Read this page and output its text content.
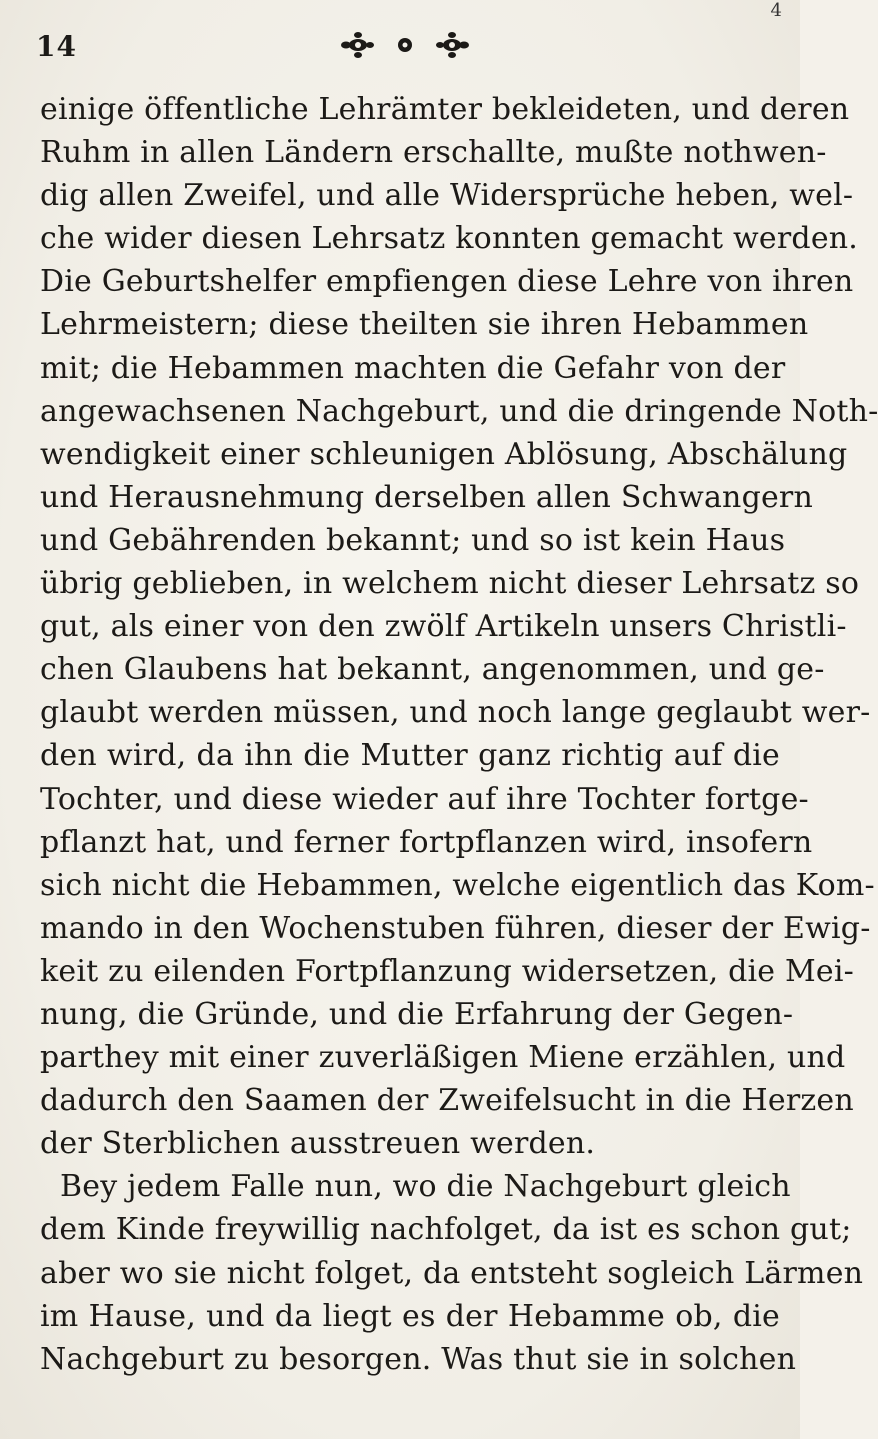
14
4
einige öffentliche Lehrämter bekleideten, und deren
Ruhm in allen Ländern erschallte, mußte nothwen-
dig allen Zweifel, und alle Widersprüche heben, wel-
che wider diesen Lehrsatz konnten gemacht werden.
Die Geburtshelfer empfiengen diese Lehre von ihren
Lehrmeistern; diese theilten sie ihren Hebammen
mit; die Hebammen machten die Gefahr von der
angewachsenen Nachgeburt, und die dringende Noth-
wendigkeit einer schleunigen Ablösung, Abschälung
und Herausnehmung derselben allen Schwangern
und Gebährenden bekannt; und so ist kein Haus
übrig geblieben, in welchem nicht dieser Lehrsatz so
gut, als einer von den zwölf Artikeln unsers Christli-
chen Glaubens hat bekannt, angenommen, und ge-
glaubt werden müssen, und noch lange geglaubt wer-
den wird, da ihn die Mutter ganz richtig auf die
Tochter, und diese wieder auf ihre Tochter fortge-
pflanzt hat, und ferner fortpflanzen wird, insofern
sich nicht die Hebammen, welche eigentlich das Kom-
mando in den Wochenstuben führen, dieser der Ewig-
keit zu eilenden Fortpflanzung widersetzen, die Mei-
nung, die Gründe, und die Erfahrung der Gegen-
parthey mit einer zuverläßigen Miene erzählen, und
dadurch den Saamen der Zweifelsucht in die Herzen
der Sterblichen ausstreuen werden.
Bey jedem Falle nun, wo die Nachgeburt gleich
dem Kinde freywillig nachfolget, da ist es schon gut;
aber wo sie nicht folget, da entsteht sogleich Lärmen
im Hause, und da liegt es der Hebamme ob, die
Nachgeburt zu besorgen. Was thut sie in solchen
